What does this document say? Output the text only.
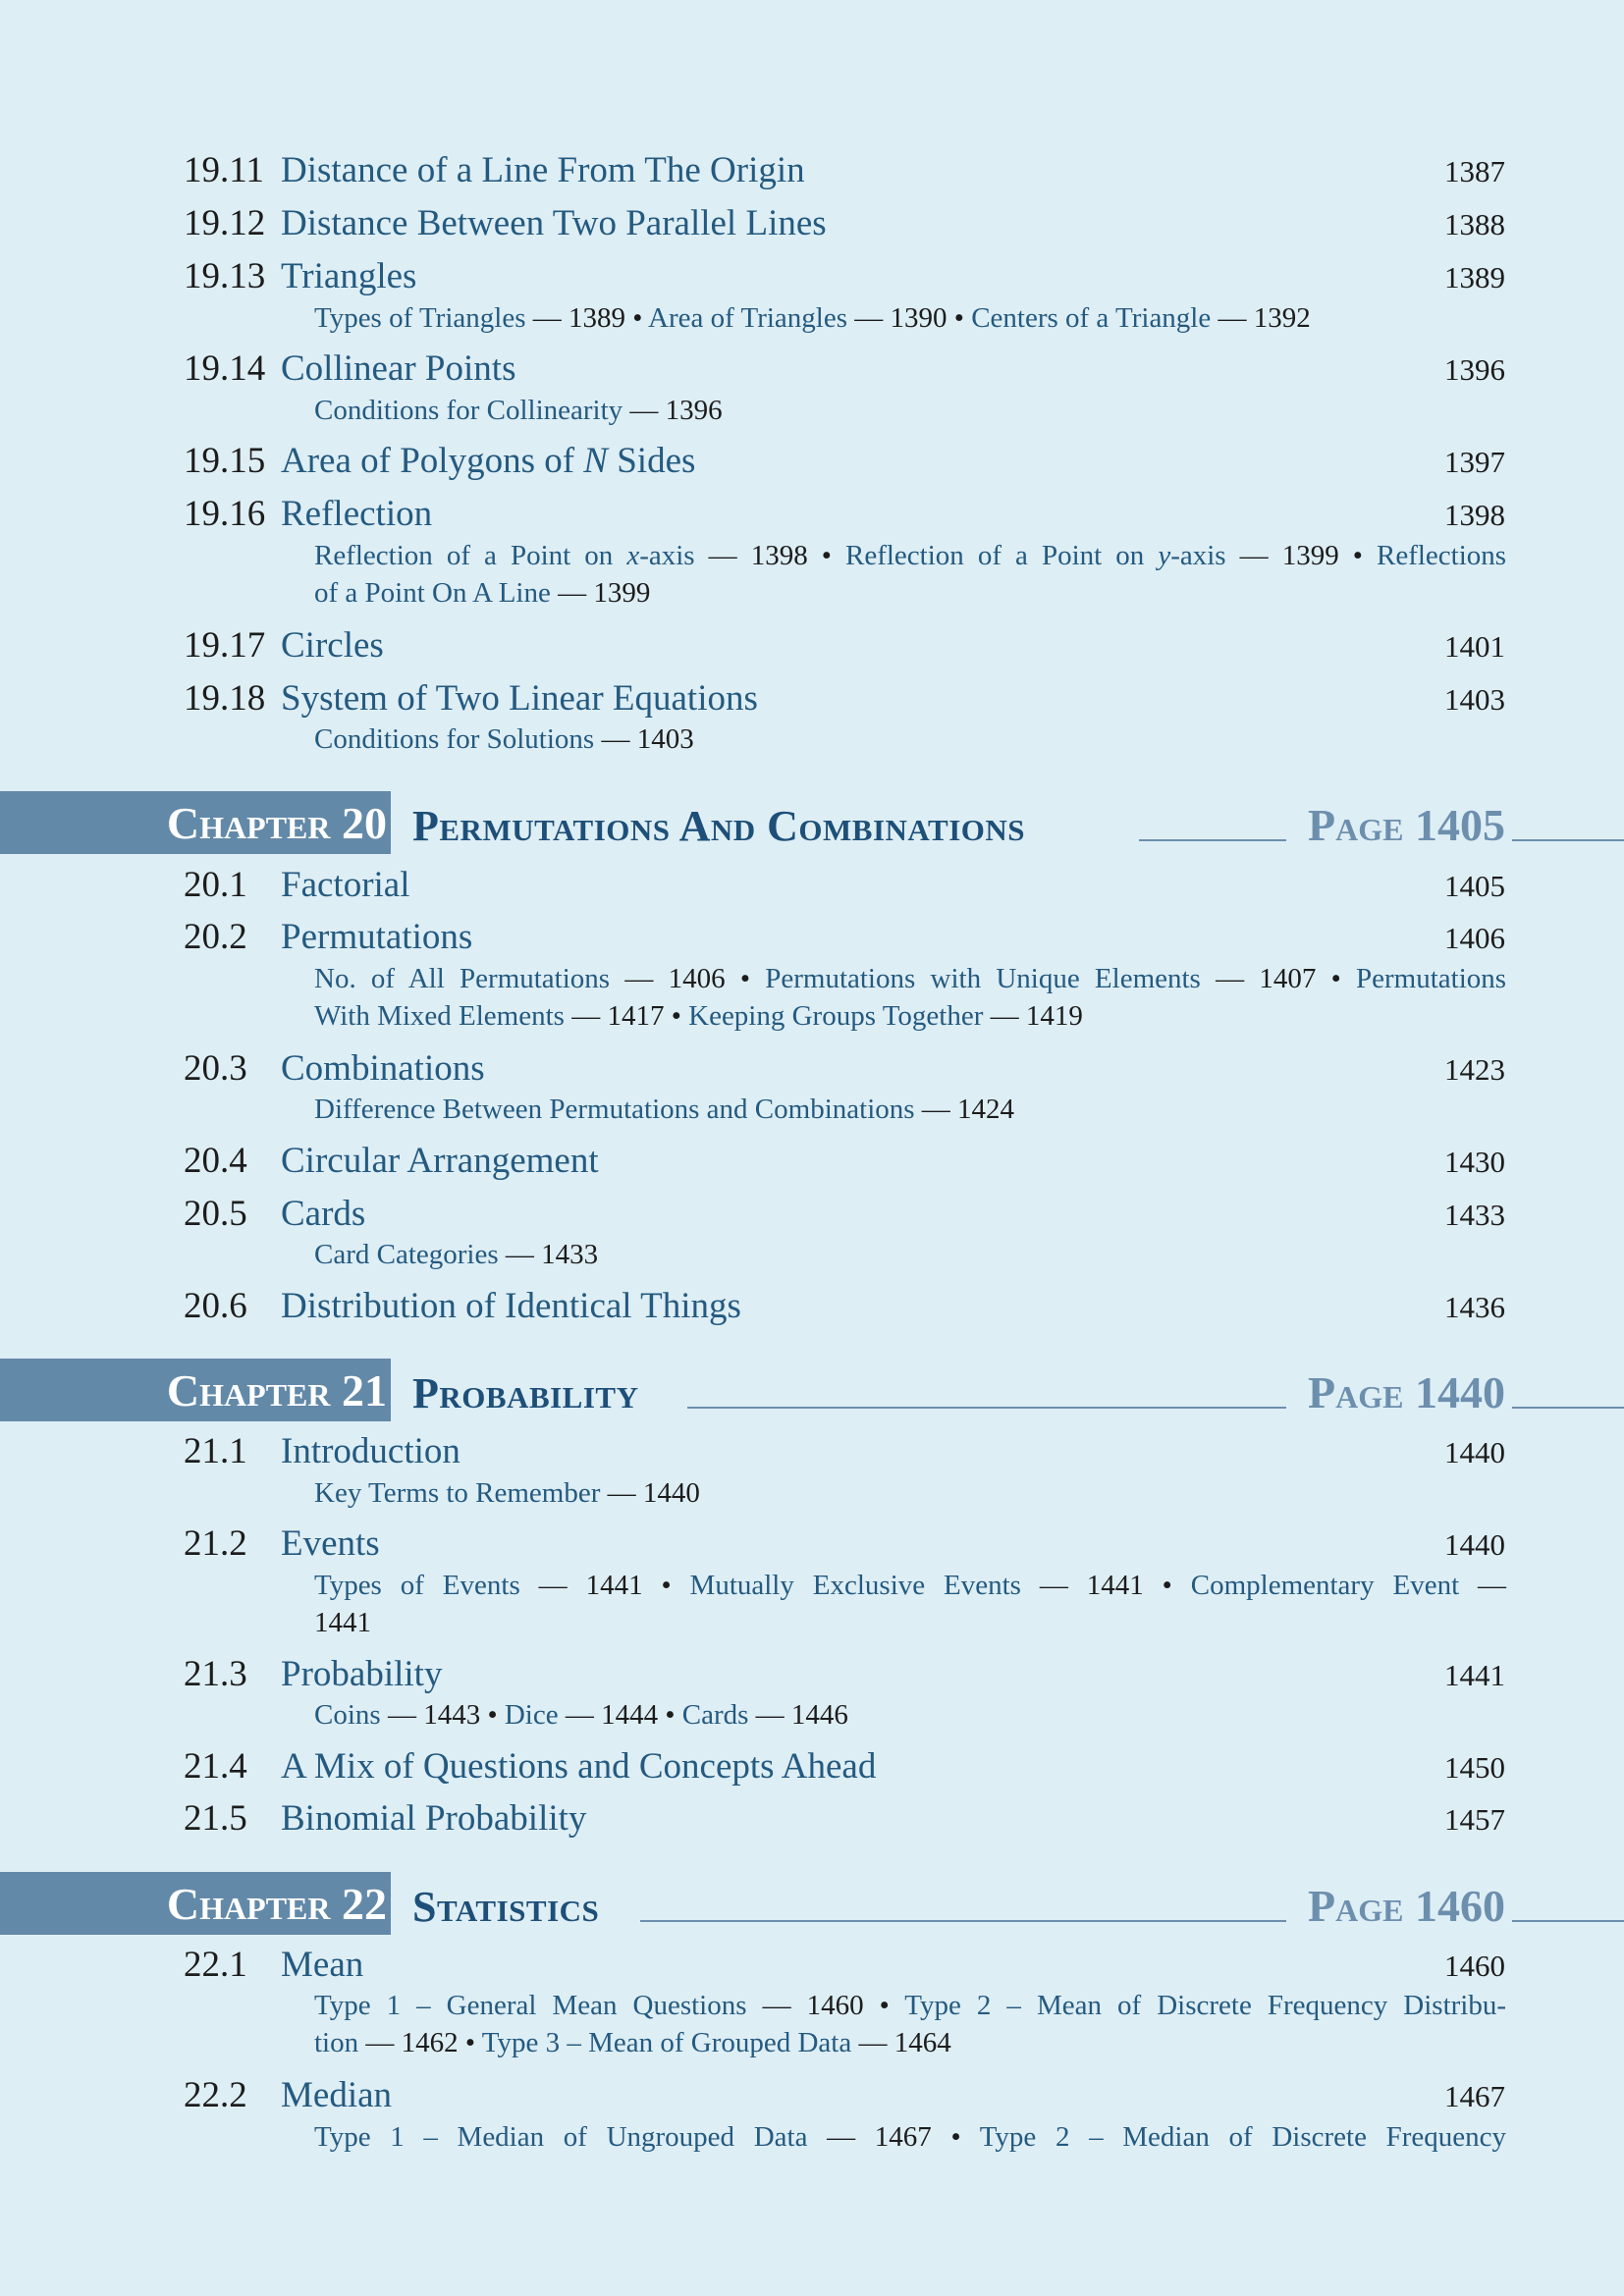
19.11 Distance of a Line From The Origin	1387
19.12 Distance Between Two Parallel Lines	1388
19.13 Triangles	1389
Types of Triangles — 1389 • Area of Triangles — 1390 • Centers of a Triangle — 1392
19.14 Collinear Points	1396
Conditions for Collinearity — 1396
19.15 Area of Polygons of N Sides	1397
19.16 Reflection	1398
Reflection of a Point on x-axis — 1398 • Reflection of a Point on y-axis — 1399 • Reflections
of a Point On A Line — 1399
19.17 Circles	1401
19.18 System of Two Linear Equations	1403
Conditions for Solutions — 1403
Chapter 20 Permutations And Combinations	Page 1405
20.1 Factorial	1405
20.2 Permutations	1406
No. of All Permutations — 1406 • Permutations with Unique Elements — 1407 • Permutations
With Mixed Elements — 1417 • Keeping Groups Together — 1419
20.3 Combinations	1423
Difference Between Permutations and Combinations — 1424
20.4 Circular Arrangement	1430
20.5 Cards	1433
Card Categories — 1433
20.6 Distribution of Identical Things	1436
Chapter 21 Probability	Page 1440
21.1 Introduction	1440
Key Terms to Remember — 1440
21.2 Events	1440
Types of Events — 1441 • Mutually Exclusive Events — 1441 • Complementary Event —
1441
21.3 Probability	1441
Coins — 1443 • Dice — 1444 • Cards — 1446
21.4 A Mix of Questions and Concepts Ahead	1450
21.5 Binomial Probability	1457
Chapter 22 Statistics	Page 1460
22.1 Mean	1460
Type 1 – General Mean Questions — 1460 • Type 2 – Mean of Discrete Frequency Distribu-
tion — 1462 • Type 3 – Mean of Grouped Data — 1464
22.2 Median	1467
Type 1 – Median of Ungrouped Data — 1467 • Type 2 – Median of Discrete Frequency
